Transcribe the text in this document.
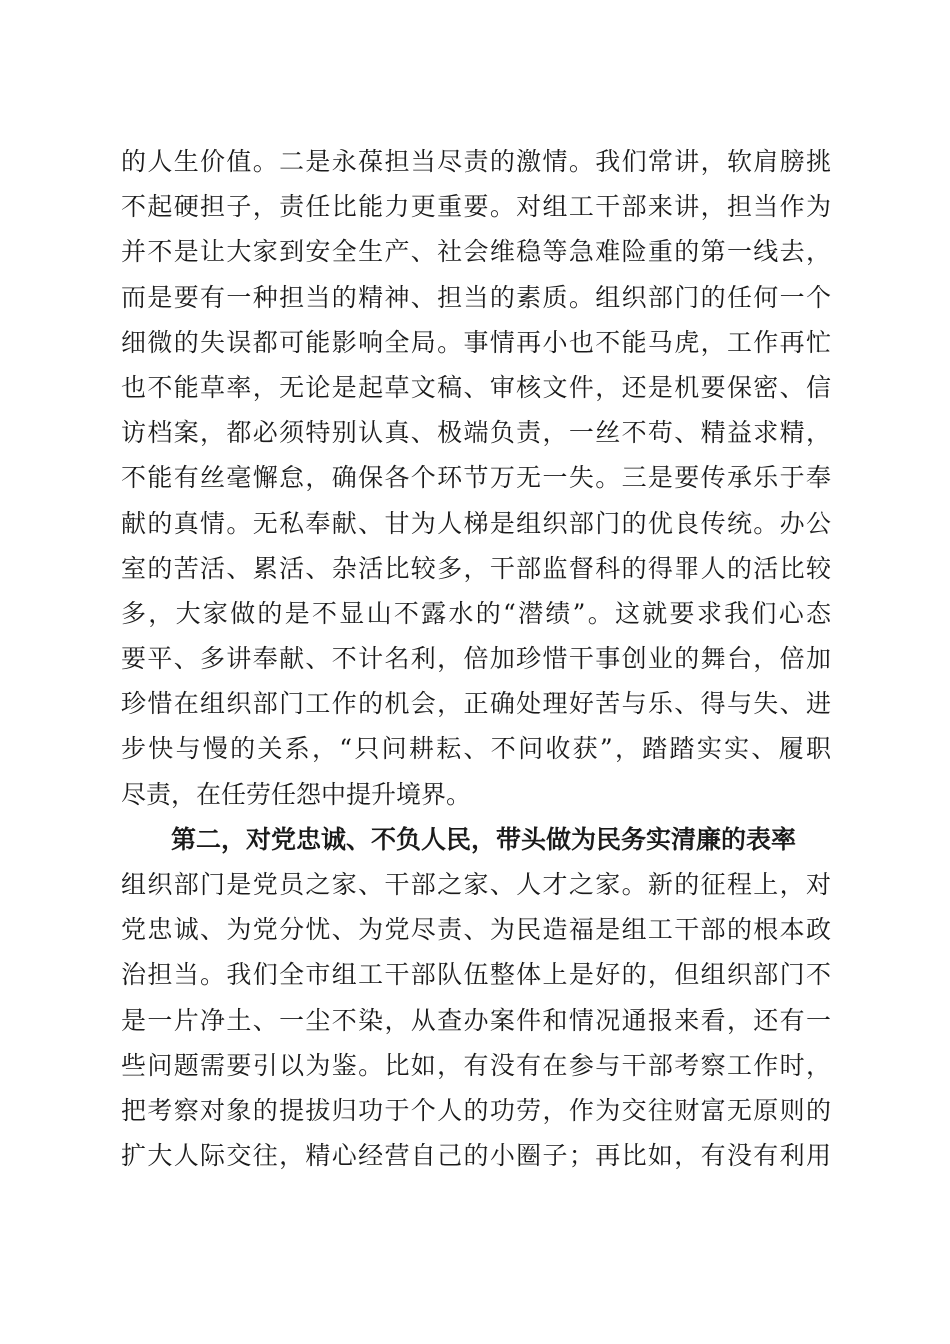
的人生价值。二是永葆担当尽责的激情。我们常讲，软肩膀挑
不起硬担子，责任比能力更重要。对组工干部来讲，担当作为
并不是让大家到安全生产、社会维稳等急难险重的第一线去，
而是要有一种担当的精神、担当的素质。组织部门的任何一个
细微的失误都可能影响全局。事情再小也不能马虎，工作再忙
也不能草率，无论是起草文稿、审核文件，还是机要保密、信
访档案，都必须特别认真、极端负责，一丝不苟、精益求精，
不能有丝毫懈怠，确保各个环节万无一失。三是要传承乐于奉
献的真情。无私奉献、甘为人梯是组织部门的优良传统。办公
室的苦活、累活、杂活比较多，干部监督科的得罪人的活比较
多，大家做的是不显山不露水的“潜绩”。这就要求我们心态
要平、多讲奉献、不计名利，倍加珍惜干事创业的舞台，倍加
珍惜在组织部门工作的机会，正确处理好苦与乐、得与失、进
步快与慢的关系，“只问耕耘、不问收获”，踏踏实实、履职
尽责，在任劳任怨中提升境界。
第二，对党忠诚、不负人民，带头做为民务实清廉的表率
组织部门是党员之家、干部之家、人才之家。新的征程上，对
党忠诚、为党分忧、为党尽责、为民造福是组工干部的根本政
治担当。我们全市组工干部队伍整体上是好的，但组织部门不
是一片净土、一尘不染，从查办案件和情况通报来看，还有一
些问题需要引以为鉴。比如，有没有在参与干部考察工作时，
把考察对象的提拔归功于个人的功劳，作为交往财富无原则的
扩大人际交往，精心经营自己的小圈子；再比如，有没有利用
